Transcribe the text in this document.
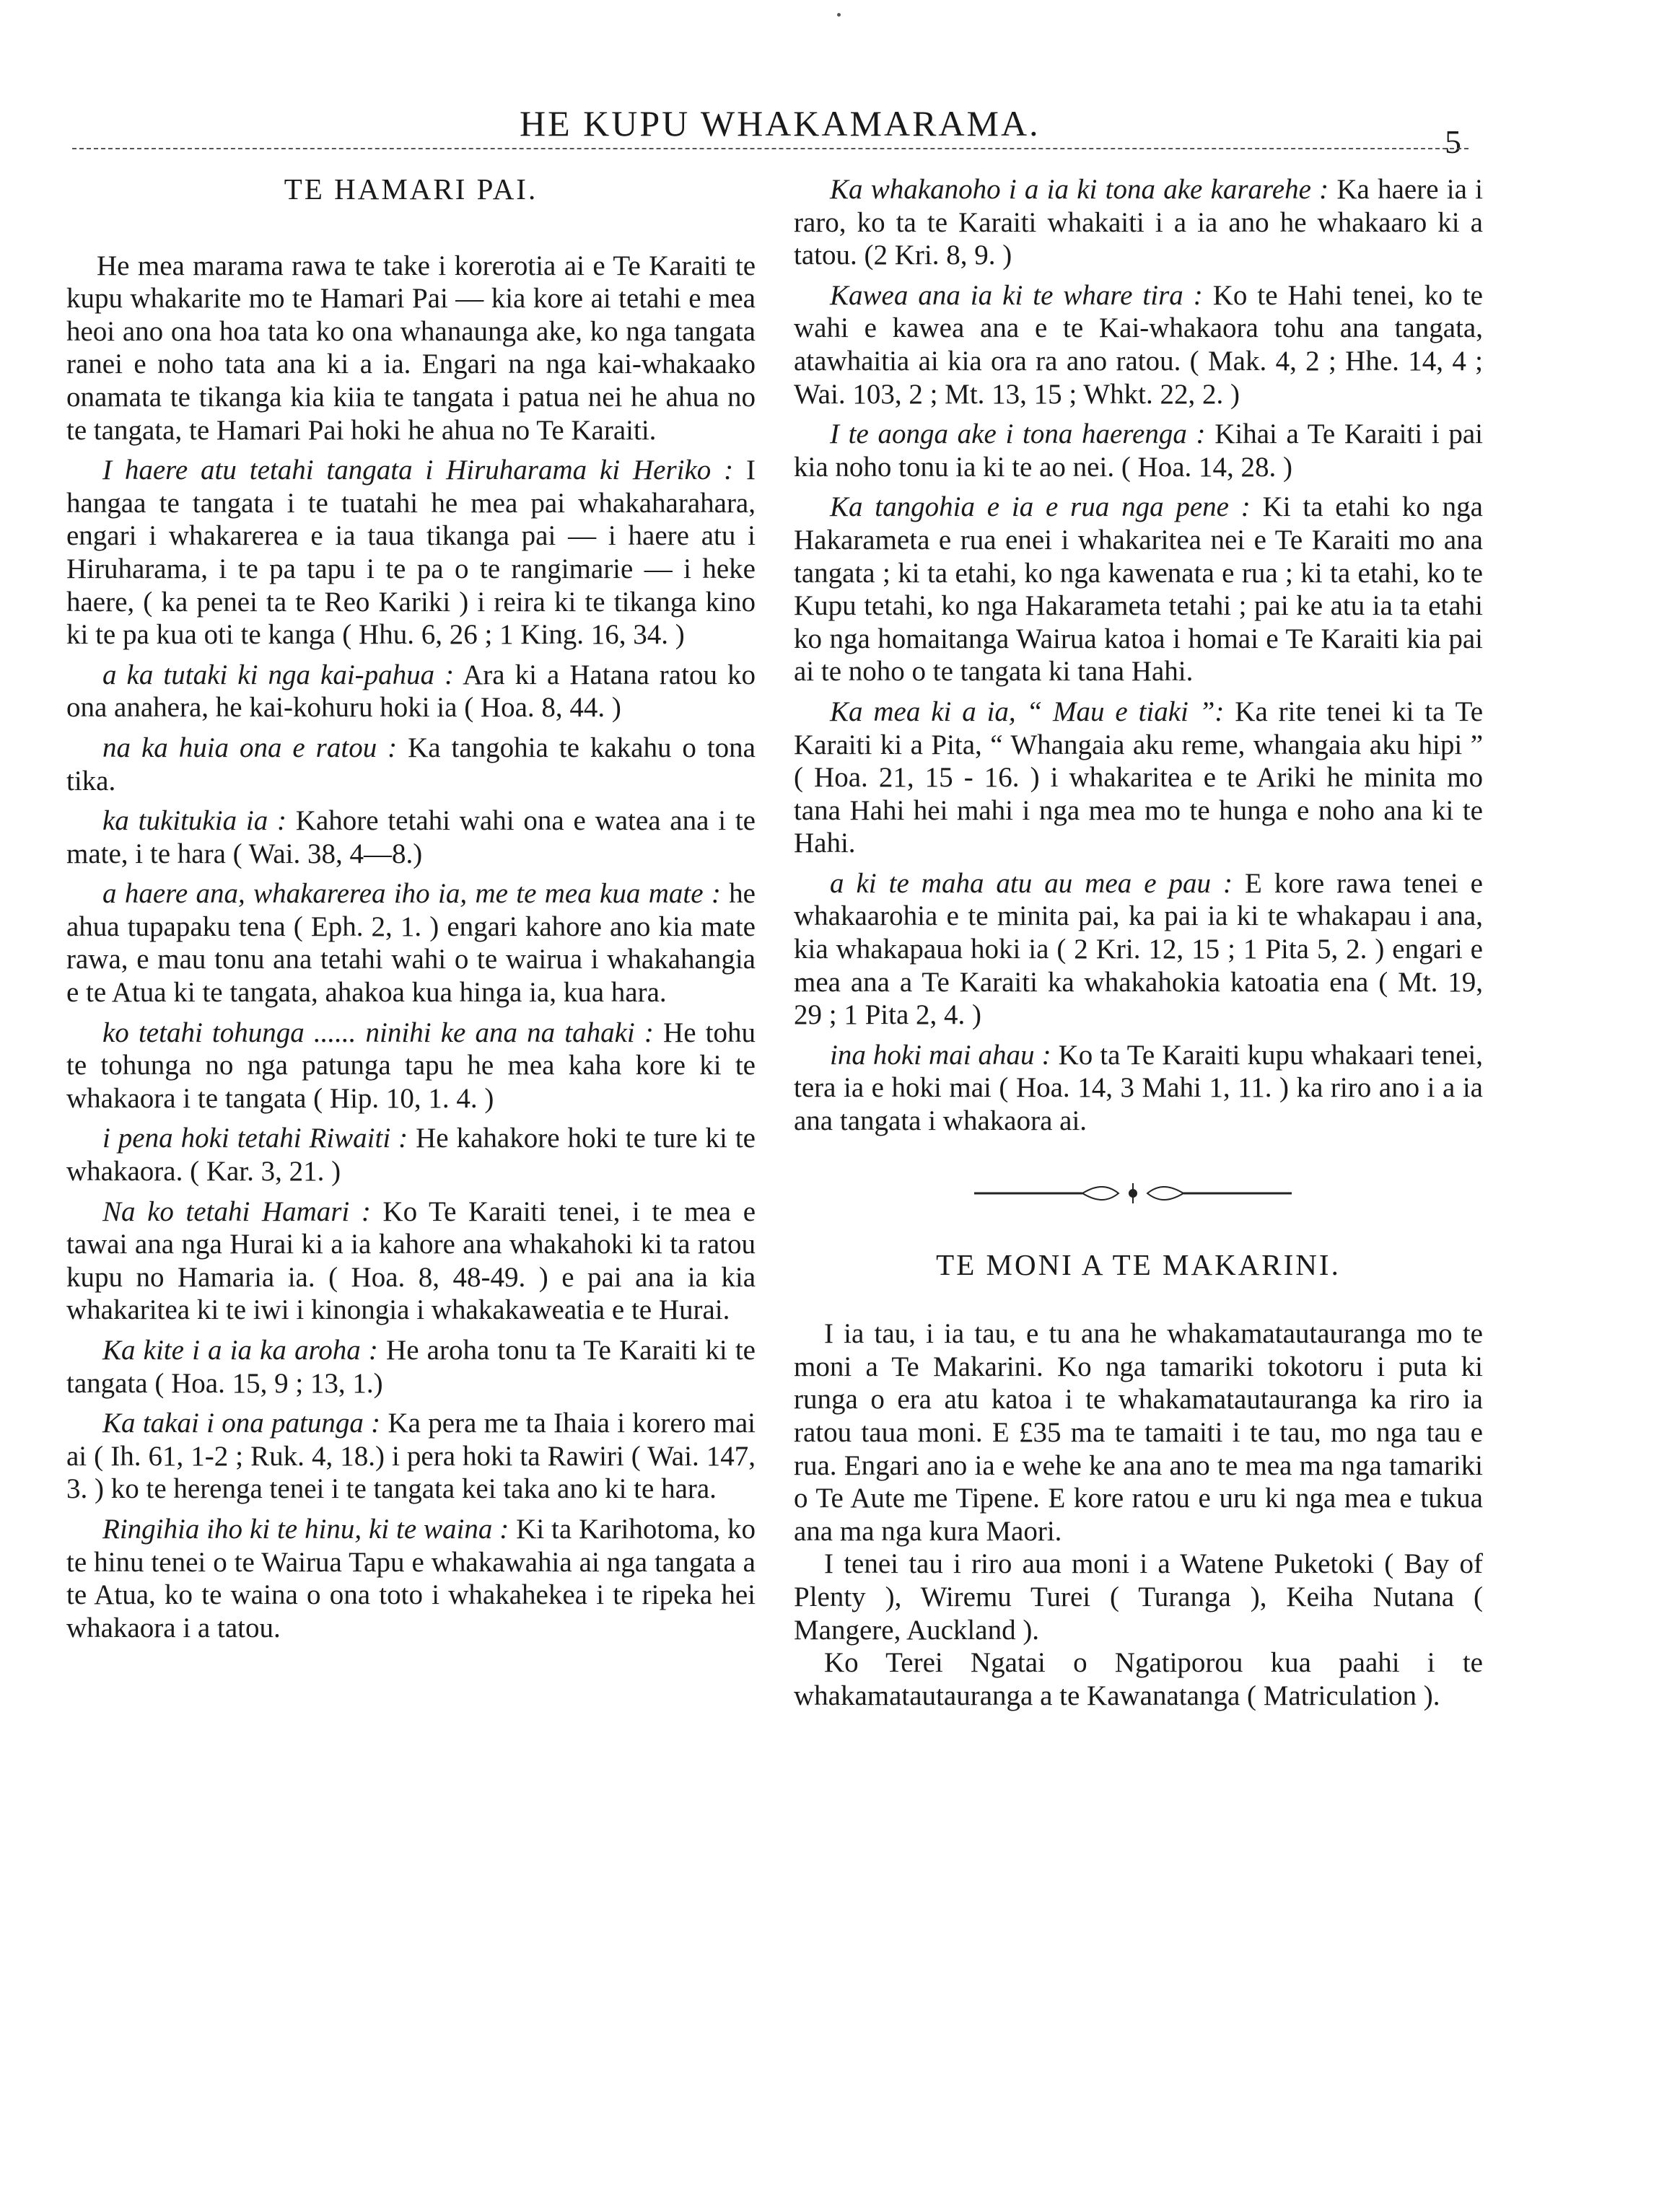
HE KUPU WHAKAMARAMA.	5
TE HAMARI PAI.

He mea marama rawa te take i korerotia ai e Te Karaiti te kupu whakarite mo te Hamari Pai — kia kore ai tetahi e mea heoi ano ona hoa tata ko ona whanaunga ake, ko nga tangata ranei e noho tata ana ki a ia. Engari na nga kai-whakaako onamata te tikanga kia kiia te tangata i patua nei he ahua no te tangata, te Hamari Pai hoki he ahua no Te Karaiti.

I haere atu tetahi tangata i Hiruharama ki Heriko : I hangaa te tangata i te tuatahi he mea pai whakaharahara, engari i whakarerea e ia taua tikanga pai — i haere atu i Hiruharama, i te pa tapu i te pa o te rangimarie — i heke haere, ( ka penei ta te Reo Kariki ) i reira ki te tikanga kino ki te pa kua oti te kanga ( Hhu. 6, 26 ; 1 King. 16, 34. )

a ka tutaki ki nga kai-pahua : Ara ki a Hatana ratou ko ona anahera, he kai-kohuru hoki ia ( Hoa. 8, 44. )

na ka huia ona e ratou : Ka tangohia te kakahu o tona tika.

ka tukitukia ia : Kahore tetahi wahi ona e watea ana i te mate, i te hara ( Wai. 38, 4—8.)

a haere ana, whakarerea iho ia, me te mea kua mate : he ahua tupapaku tena ( Eph. 2, 1. ) engari kahore ano kia mate rawa, e mau tonu ana tetahi wahi o te wairua i whakahangia e te Atua ki te tangata, ahakoa kua hinga ia, kua hara.

ko tetahi tohunga ...... ninihi ke ana na tahaki : He tohu te tohunga no nga patunga tapu he mea kaha kore ki te whakaora i te tangata ( Hip. 10, 1. 4. )

i pena hoki tetahi Riwaiti : He kahakore hoki te ture ki te whakaora. ( Kar. 3, 21. )

Na ko tetahi Hamari : Ko Te Karaiti tenei, i te mea e tawai ana nga Hurai ki a ia kahore ana whakahoki ki ta ratou kupu no Hamaria ia. ( Hoa. 8, 48-49. ) e pai ana ia kia whakaritea ki te iwi i kinongia i whakakaweatia e te Hurai.

Ka kite i a ia ka aroha : He aroha tonu ta Te Karaiti ki te tangata ( Hoa. 15, 9 ; 13, 1.)

Ka takai i ona patunga : Ka pera me ta Ihaia i korero mai ai ( Ih. 61, 1-2 ; Ruk. 4, 18.) i pera hoki ta Rawiri ( Wai. 147, 3. ) ko te herenga tenei i te tangata kei taka ano ki te hara.

Ringihia iho ki te hinu, ki te waina : Ki ta Karihotoma, ko te hinu tenei o te Wairua Tapu e whakawahia ai nga tangata a te Atua, ko te waina o ona toto i whakahekea i te ripeka hei whakaora i a tatou.

Ka whakanoho i a ia ki tona ake kararehe : Ka haere ia i raro, ko ta te Karaiti whakaiti i a ia ano he whakaaro ki a tatou. (2 Kri. 8, 9. )

Kawea ana ia ki te whare tira : Ko te Hahi tenei, ko te wahi e kawea ana e te Kai-whakaora tohu ana tangata, atawhaitia ai kia ora ra ano ratou. ( Mak. 4, 2 ; Hhe. 14, 4 ; Wai. 103, 2 ; Mt. 13, 15 ; Whkt. 22, 2. )

I te aonga ake i tona haerenga : Kihai a Te Karaiti i pai kia noho tonu ia ki te ao nei. ( Hoa. 14, 28. )

Ka tangohia e ia e rua nga pene : Ki ta etahi ko nga Hakarameta e rua enei i whakaritea nei e Te Karaiti mo ana tangata ; ki ta etahi, ko nga kawenata e rua ; ki ta etahi, ko te Kupu tetahi, ko nga Hakarameta tetahi ; pai ke atu ia ta etahi ko nga homaitanga Wairua katoa i homai e Te Karaiti kia pai ai te noho o te tangata ki tana Hahi.

Ka mea ki a ia, “ Mau e tiaki ”: Ka rite tenei ki ta Te Karaiti ki a Pita, “ Whangaia aku reme, whangaia aku hipi ” ( Hoa. 21, 15 - 16. ) i whakaritea e te Ariki he minita mo tana Hahi hei mahi i nga mea mo te hunga e noho ana ki te Hahi.

a ki te maha atu au mea e pau : E kore rawa tenei e whakaarohia e te minita pai, ka pai ia ki te whakapau i ana, kia whakapaua hoki ia ( 2 Kri. 12, 15 ; 1 Pita 5, 2. ) engari e mea ana a Te Karaiti ka whakahokia katoatia ena ( Mt. 19, 29 ; 1 Pita 2, 4. )

ina hoki mai ahau : Ko ta Te Karaiti kupu whakaari tenei, tera ia e hoki mai ( Hoa. 14, 3 Mahi 1, 11. ) ka riro ano i a ia ana tangata i whakaora ai.

TE MONI A TE MAKARINI.

I ia tau, i ia tau, e tu ana he whakamatautauranga mo te moni a Te Makarini. Ko nga tamariki tokotoru i puta ki runga o era atu katoa i te whakamatautauranga ka riro ia ratou taua moni. E £35 ma te tamaiti i te tau, mo nga tau e rua. Engari ano ia e wehe ke ana ano te mea ma nga tamariki o Te Aute me Tipene. E kore ratou e uru ki nga mea e tukua ana ma nga kura Maori.

I tenei tau i riro aua moni i a Watene Puketoki ( Bay of Plenty ), Wiremu Turei ( Turanga ), Keiha Nutana ( Mangere, Auckland ).

Ko Terei Ngatai o Ngatiporou kua paahi i te whakamatautauranga a te Kawanatanga ( Matriculation ).
